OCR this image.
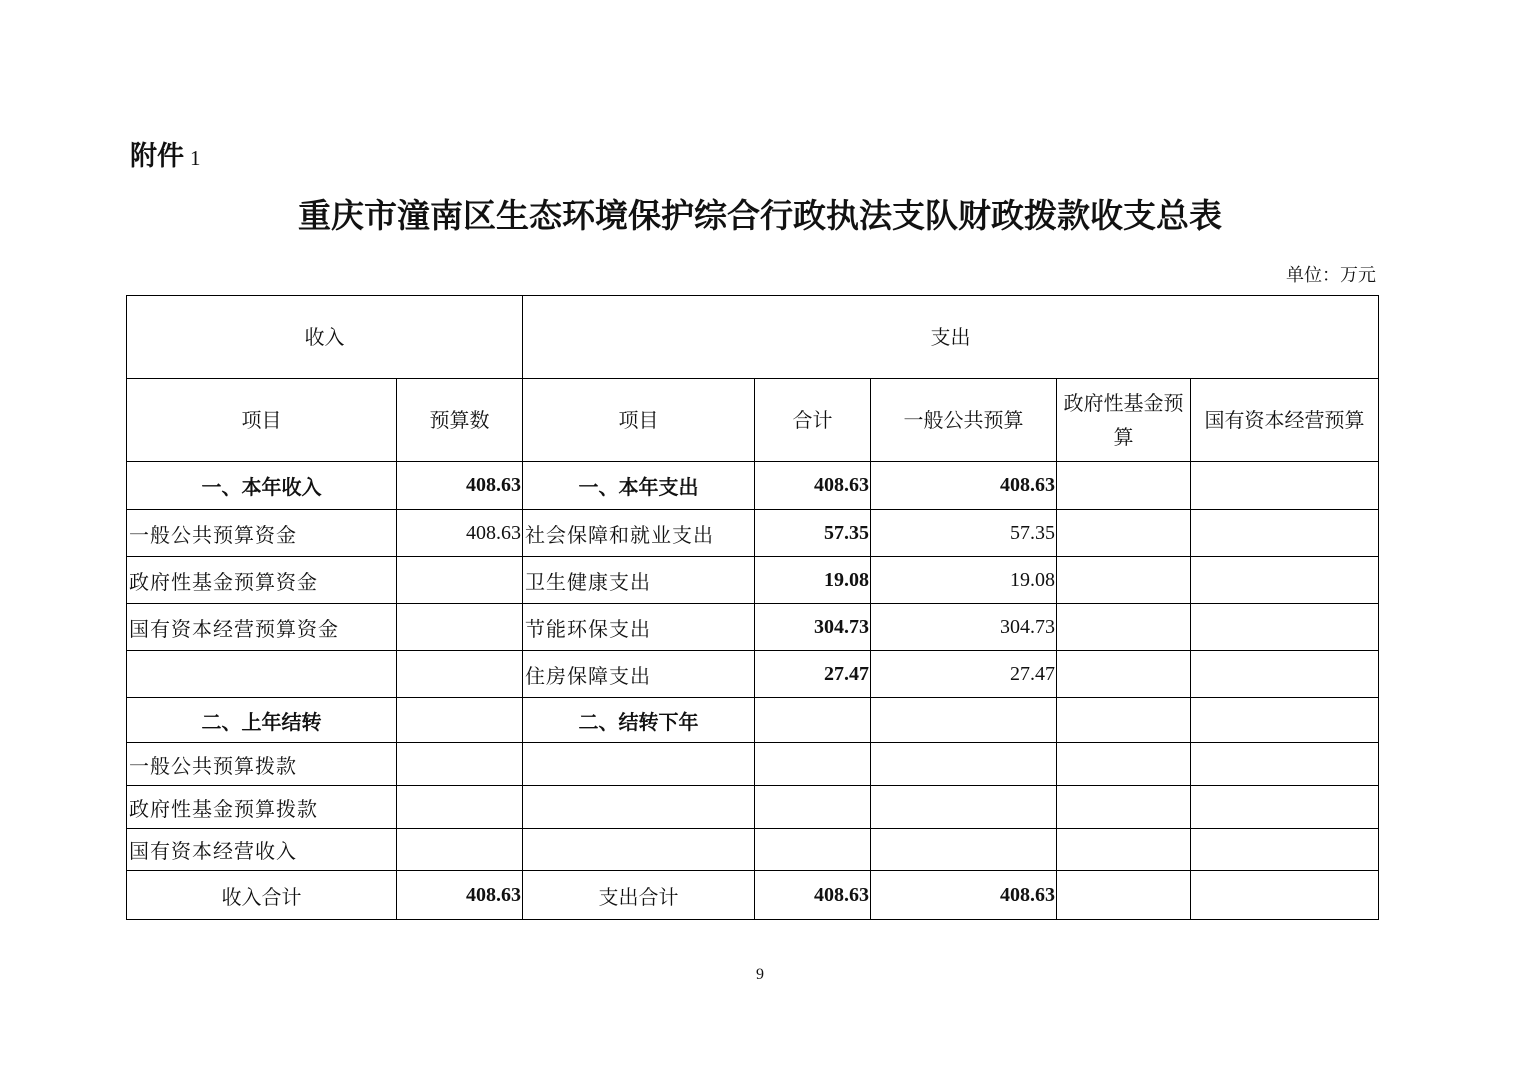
附件 1
重庆市潼南区生态环境保护综合行政执法支队财政拨款收支总表
单位：万元
收入		支出				
项目	预算数	项目	合计	一般公共预算	政府性基金预算	国有资本经营预算
一、本年收入	408.63	一、本年支出	408.63	408.63		
一般公共预算资金	408.63	社会保障和就业支出	57.35	57.35		
政府性基金预算资金		卫生健康支出	19.08	19.08		
国有资本经营预算资金		节能环保支出	304.73	304.73		
		住房保障支出	27.47	27.47		
二、上年结转		二、结转下年				
一般公共预算拨款						
政府性基金预算拨款						
国有资本经营收入						
收入合计	408.63	支出合计	408.63	408.63		
9
